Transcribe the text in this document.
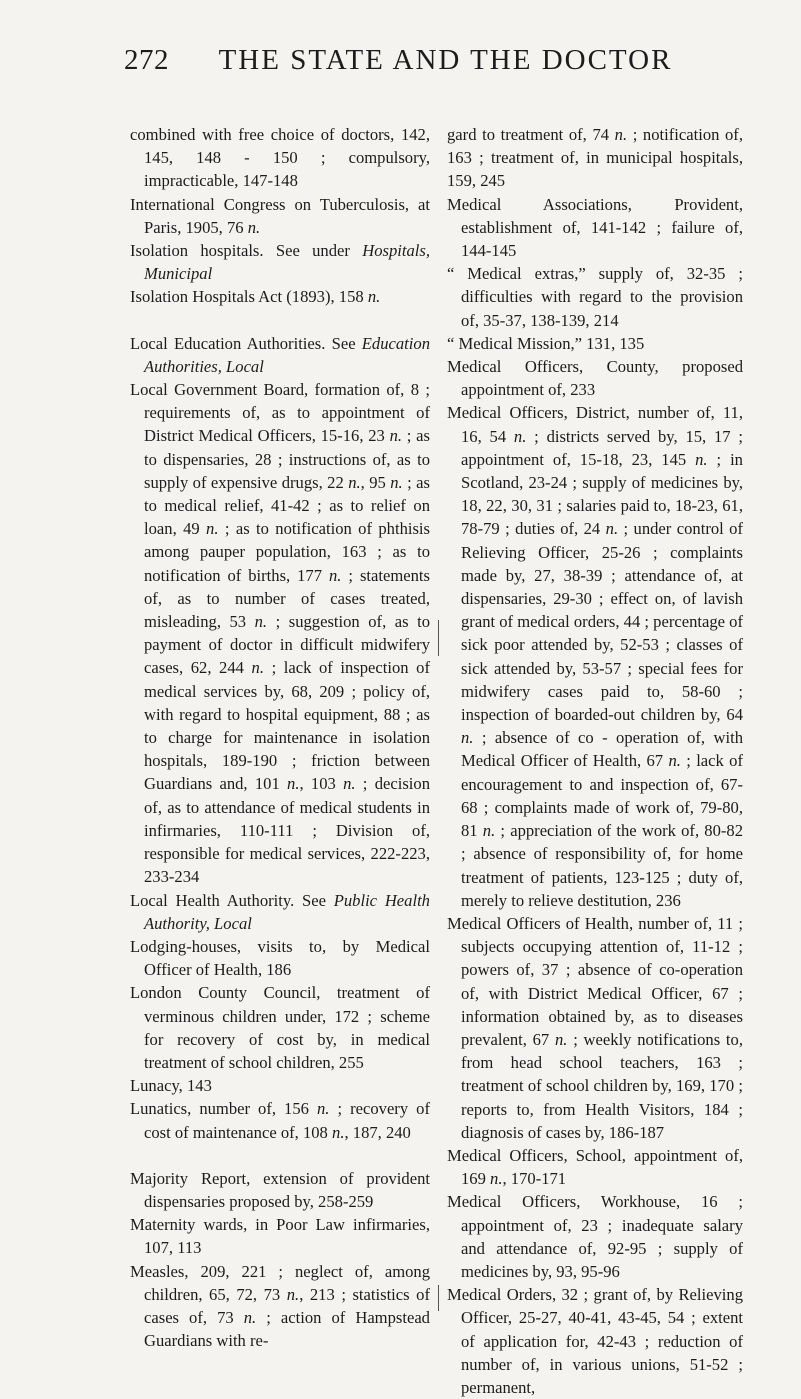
272	THE STATE AND THE DOCTOR

combined with free choice of doctors, 142, 145, 148 - 150 ; compulsory, impracticable, 147-148

International Congress on Tuberculosis, at Paris, 1905, 76 n.

Isolation hospitals. See under Hospitals, Municipal

Isolation Hospitals Act (1893), 158 n.

Local Education Authorities. See Education Authorities, Local

Local Government Board, formation of, 8 ; requirements of, as to appointment of District Medical Officers, 15-16, 23 n. ; as to dispensaries, 28 ; instructions of, as to supply of expensive drugs, 22 n., 95 n. ; as to medical relief, 41-42 ; as to relief on loan, 49 n. ; as to notification of phthisis among pauper population, 163 ; as to notification of births, 177 n. ; statements of, as to number of cases treated, misleading, 53 n. ; suggestion of, as to payment of doctor in difficult midwifery cases, 62, 244 n. ; lack of inspection of medical services by, 68, 209 ; policy of, with regard to hospital equipment, 88 ; as to charge for maintenance in isolation hospitals, 189-190 ; friction between Guardians and, 101 n., 103 n. ; decision of, as to attendance of medical students in infirmaries, 110-111 ; Division of, responsible for medical services, 222-223, 233-234

Local Health Authority. See Public Health Authority, Local

Lodging-houses, visits to, by Medical Officer of Health, 186

London County Council, treatment of verminous children under, 172 ; scheme for recovery of cost by, in medical treatment of school children, 255

Lunacy, 143

Lunatics, number of, 156 n. ; recovery of cost of maintenance of, 108 n., 187, 240

Majority Report, extension of provident dispensaries proposed by, 258-259

Maternity wards, in Poor Law infirmaries, 107, 113

Measles, 209, 221 ; neglect of, among children, 65, 72, 73 n., 213 ; statistics of cases of, 73 n. ; action of Hampstead Guardians with re-

gard to treatment of, 74 n. ; notification of, 163 ; treatment of, in municipal hospitals, 159, 245

Medical Associations, Provident, establishment of, 141-142 ; failure of, 144-145

“ Medical extras,” supply of, 32-35 ; difficulties with regard to the provision of, 35-37, 138-139, 214

“ Medical Mission,” 131, 135

Medical Officers, County, proposed appointment of, 233

Medical Officers, District, number of, 11, 16, 54 n. ; districts served by, 15, 17 ; appointment of, 15-18, 23, 145 n. ; in Scotland, 23-24 ; supply of medicines by, 18, 22, 30, 31 ; salaries paid to, 18-23, 61, 78-79 ; duties of, 24 n. ; under control of Relieving Officer, 25-26 ; complaints made by, 27, 38-39 ; attendance of, at dispensaries, 29-30 ; effect on, of lavish grant of medical orders, 44 ; percentage of sick poor attended by, 52-53 ; classes of sick attended by, 53-57 ; special fees for midwifery cases paid to, 58-60 ; inspection of boarded-out children by, 64 n. ; absence of co - operation of, with Medical Officer of Health, 67 n. ; lack of encouragement to and inspection of, 67-68 ; complaints made of work of, 79-80, 81 n. ; appreciation of the work of, 80-82 ; absence of responsibility of, for home treatment of patients, 123-125 ; duty of, merely to relieve destitution, 236

Medical Officers of Health, number of, 11 ; subjects occupying attention of, 11-12 ; powers of, 37 ; absence of co-operation of, with District Medical Officer, 67 ; information obtained by, as to diseases prevalent, 67 n. ; weekly notifications to, from head school teachers, 163 ; treatment of school children by, 169, 170 ; reports to, from Health Visitors, 184 ; diagnosis of cases by, 186-187

Medical Officers, School, appointment of, 169 n., 170-171

Medical Officers, Workhouse, 16 ; appointment of, 23 ; inadequate salary and attendance of, 92-95 ; supply of medicines by, 93, 95-96

Medical Orders, 32 ; grant of, by Relieving Officer, 25-27, 40-41, 43-45, 54 ; extent of application for, 42-43 ; reduction of number of, in various unions, 51-52 ; permanent,
